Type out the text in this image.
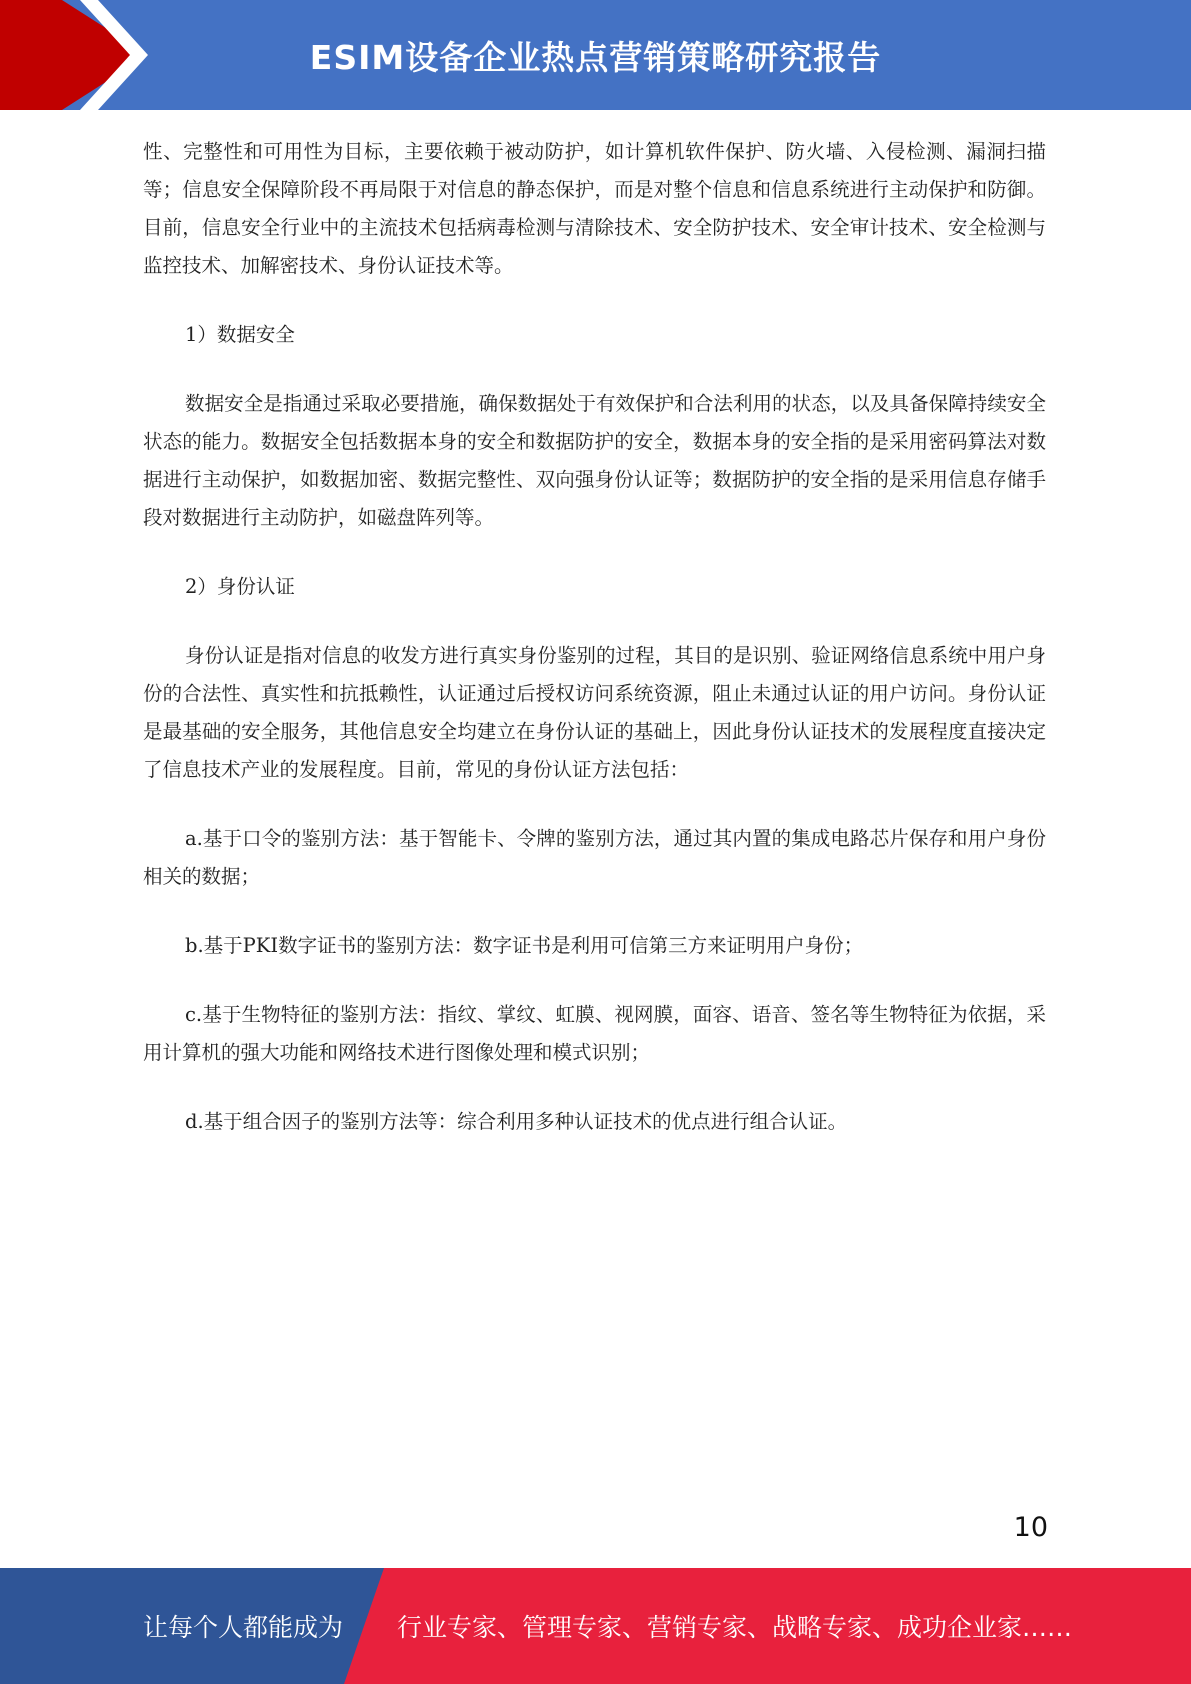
ESIM设备企业热点营销策略研究报告

性、完整性和可用性为目标，主要依赖于被动防护，如计算机软件保护、防火墙、入侵检测、漏洞扫描等；信息安全保障阶段不再局限于对信息的静态保护，而是对整个信息和信息系统进行主动保护和防御。目前，信息安全行业中的主流技术包括病毒检测与清除技术、安全防护技术、安全审计技术、安全检测与监控技术、加解密技术、身份认证技术等。

1）数据安全

数据安全是指通过采取必要措施，确保数据处于有效保护和合法利用的状态，以及具备保障持续安全状态的能力。数据安全包括数据本身的安全和数据防护的安全，数据本身的安全指的是采用密码算法对数据进行主动保护，如数据加密、数据完整性、双向强身份认证等；数据防护的安全指的是采用信息存储手段对数据进行主动防护，如磁盘阵列等。

2）身份认证

身份认证是指对信息的收发方进行真实身份鉴别的过程，其目的是识别、验证网络信息系统中用户身份的合法性、真实性和抗抵赖性，认证通过后授权访问系统资源，阻止未通过认证的用户访问。身份认证是最基础的安全服务，其他信息安全均建立在身份认证的基础上，因此身份认证技术的发展程度直接决定了信息技术产业的发展程度。目前，常见的身份认证方法包括：

a.基于口令的鉴别方法：基于智能卡、令牌的鉴别方法，通过其内置的集成电路芯片保存和用户身份相关的数据；

b.基于PKI数字证书的鉴别方法：数字证书是利用可信第三方来证明用户身份；

c.基于生物特征的鉴别方法：指纹、掌纹、虹膜、视网膜，面容、语音、签名等生物特征为依据，采用计算机的强大功能和网络技术进行图像处理和模式识别；

d.基于组合因子的鉴别方法等：综合利用多种认证技术的优点进行组合认证。

10
让每个人都能成为 行业专家、管理专家、营销专家、战略专家、成功企业家……
